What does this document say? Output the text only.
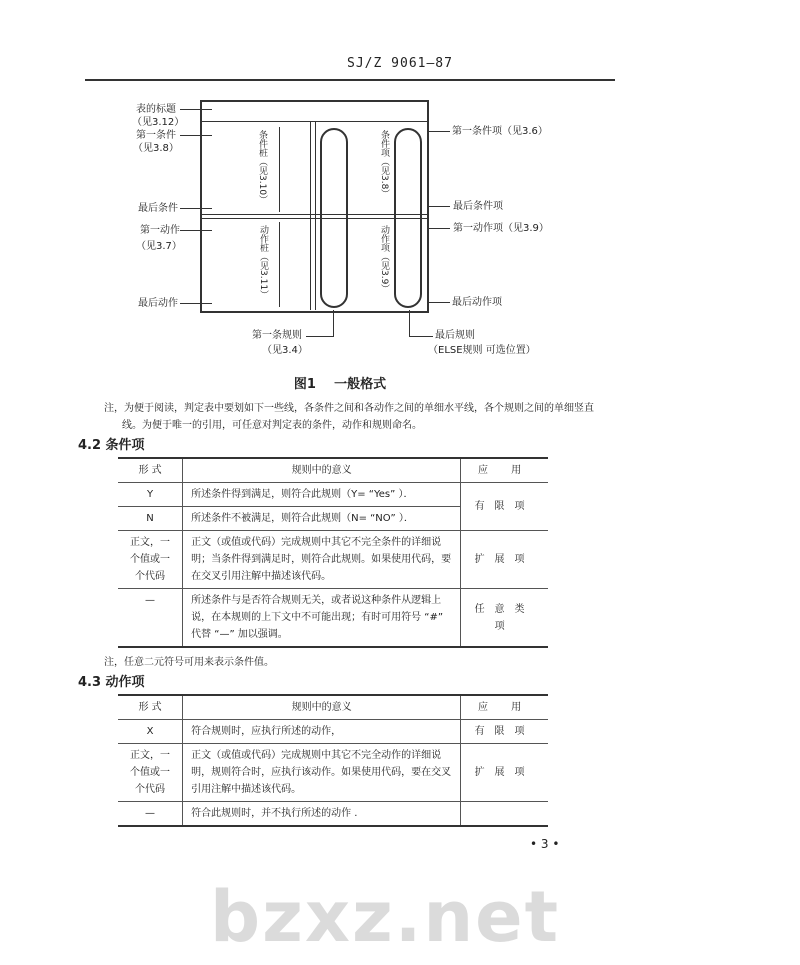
SJ/Z 9061—87
条件桩（见3.10）
动作桩（见3.11）
条件项（见3.8）
动作项（见3.9）
表的标题
（见3.12）
第一条件
（见3.8）
最后条件
第一动作
（见3.7）
最后动作
第一条件项（见3.6）
最后条件项
第一动作项（见3.9）
最后动作项
第一条规则
（见3.4）
最后规则
（ELSE规则 可选位置）
图1    一般格式
注，为便于阅读，判定表中要划如下一些线，各条件之间和各动作之间的单细水平线，各个规则之间的单细竖直线。为便于唯一的引用，可任意对判定表的条件，动作和规则命名。
4.2 条件项
形 式	规则中的意义	应 用
Y	所述条件得到满足，则符合此规则（Y= “Yes” ）．	有限项
N	所述条件不被满足，则符合此规则（N= “NO” ）．	
正文，一个值或一个代码	正文（或值或代码）完成规则中其它不完全条件的详细说明；当条件得到满足时，则符合此规则。如果使用代码，要在交叉引用注解中描述该代码。	扩展项
—	所述条件与是否符合规则无关，或者说这种条件从逻辑上说，在本规则的上下文中不可能出现；有时可用符号 “#” 代替 “—” 加以强调。	任意类项
注，任意二元符号可用来表示条件值。
4.3 动作项
形 式	规则中的意义	应 用
X	符合规则时，应执行所述的动作，	有限项
正文，一个值或一个代码	正文（或值或代码）完成规则中其它不完全动作的详细说明，规则符合时，应执行该动作。如果使用代码，要在交叉引用注解中描述该代码。	扩展项
—	符合此规则时，并不执行所述的动作 .	
• 3 •
bzxz.net
